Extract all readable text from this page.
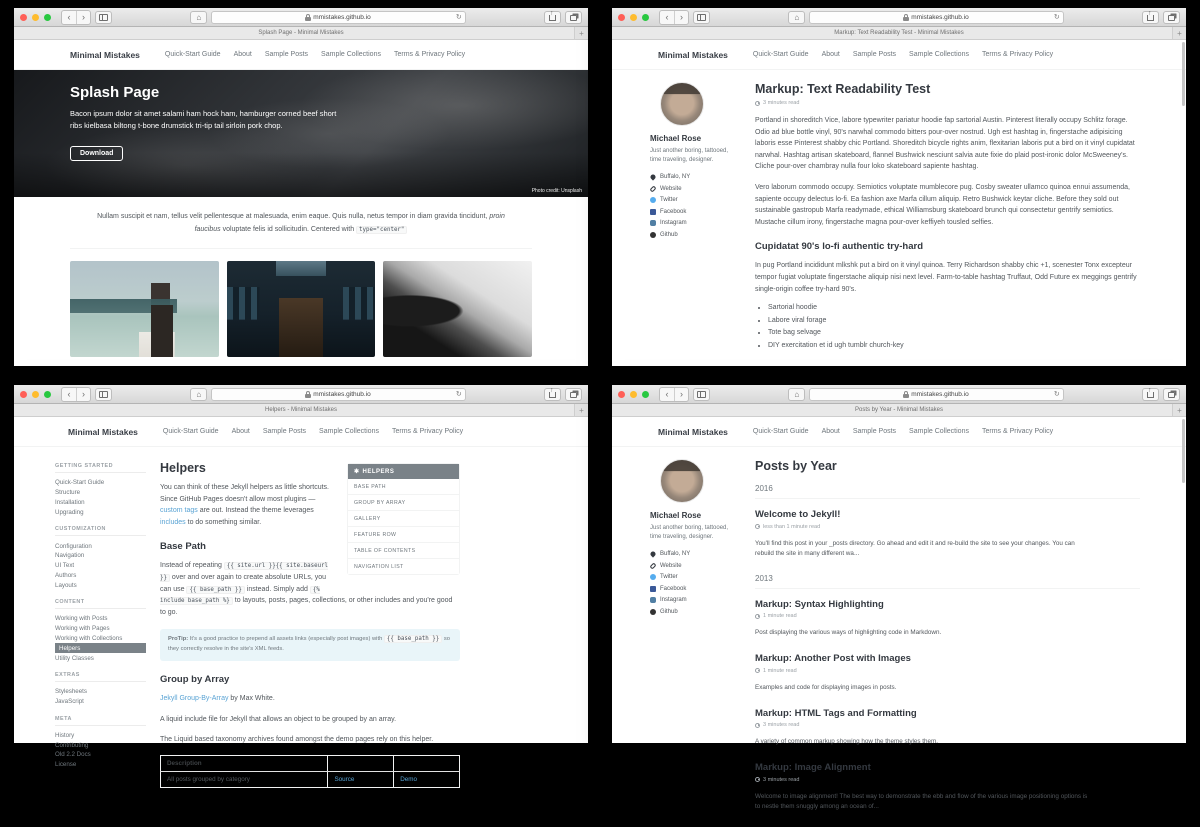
‹	›	⌂	mmistakes.github.io	↻
↑
Splash Page - Minimal Mistakes	+
Minimal Mistakes	Quick-Start Guide About Sample Posts Sample Collections Terms & Privacy Policy
Splash Page

Bacon ipsum dolor sit amet salami ham hock ham, hamburger corned beef short ribs kielbasa biltong t-bone drumstick tri-tip tail sirloin pork chop.

Download
Photo credit: Unsplash

Nullam suscipit et nam, tellus velit pellentesque at malesuada, enim eaque. Quis nulla, netus tempor in diam gravida tincidunt, proin faucibus voluptate felis id sollicitudin. Centered with type="center"

‹	›	⌂	mmistakes.github.io	↻
↑
Markup: Text Readability Test - Minimal Mistakes	+
Minimal Mistakes	Quick-Start Guide About Sample Posts Sample Collections Terms & Privacy Policy
Michael Rose
Just another boring, tattooed, time traveling, designer.
Buffalo, NY
Website
Twitter
Facebook
Instagram
Github
Markup: Text Readability Test
3 minutes read

Portland in shoreditch Vice, labore typewriter pariatur hoodie fap sartorial Austin. Pinterest literally occupy Schlitz forage. Odio ad blue bottle vinyl, 90's narwhal commodo bitters pour-over nostrud. Ugh est hashtag in, fingerstache adipisicing laboris esse Pinterest shabby chic Portland. Shoreditch bicycle rights anim, flexitarian laboris put a bird on it vinyl cupidatat narwhal. Hashtag artisan skateboard, flannel Bushwick nesciunt salvia aute fixie do plaid post-ironic dolor McSweeney's. Cliche pour-over chambray nulla four loko skateboard sapiente hashtag.

Vero laborum commodo occupy. Semiotics voluptate mumblecore pug. Cosby sweater ullamco quinoa ennui assumenda, sapiente occupy delectus lo-fi. Ea fashion axe Marfa cillum aliquip. Retro Bushwick keytar cliche. Before they sold out sustainable gastropub Marfa readymade, ethical Williamsburg skateboard brunch qui consectetur gentrify semiotics. Mustache cillum irony, fingerstache magna pour-over keffiyeh tousled selfies.

Cupidatat 90's lo-fi authentic try-hard

In pug Portland incididunt mlkshk put a bird on it vinyl quinoa. Terry Richardson shabby chic +1, scenester Tonx excepteur tempor fugiat voluptate fingerstache aliquip nisi next level. Farm-to-table hashtag Truffaut, Odd Future ex meggings gentrify single-origin coffee try-hard 90's.

• Sartorial hoodie
• Labore viral forage
• Tote bag selvage
• DIY exercitation et id ugh tumblr church-key
‹	›	⌂	mmistakes.github.io	↻
↑
Helpers - Minimal Mistakes	+
Minimal Mistakes	Quick-Start Guide About Sample Posts Sample Collections Terms & Privacy Policy
GETTING STARTED
Quick-Start Guide
Structure
Installation
Upgrading
CUSTOMIZATION
Configuration
Navigation
UI Text
Authors
Layouts
CONTENT
Working with Posts
Working with Pages
Working with Collections
Helpers
Utility Classes
EXTRAS
Stylesheets
JavaScript
META
History
Contributing
Old 2.2 Docs
License
✱ HELPERS
BASE PATH
GROUP BY ARRAY
GALLERY
FEATURE ROW
TABLE OF CONTENTS
NAVIGATION LIST
Helpers

You can think of these Jekyll helpers as little shortcuts. Since GitHub Pages doesn't allow most plugins — custom tags are out. Instead the theme leverages includes to do something similar.

Base Path

Instead of repeating {{ site.url }}{{ site.baseurl }} over and over again to create absolute URLs, you can use {{ base_path }} instead. Simply add {% include base_path %} to layouts, posts, pages, collections, or other includes and you're good to go.

ProTip: It's a good practice to prepend all assets links (especially post images) with {{ base_path }} so they correctly resolve in the site's XML feeds.
Group by Array

Jekyll Group-By-Array by Max White.

A liquid include file for Jekyll that allows an object to be grouped by an array.

The Liquid based taxonomy archives found amongst the demo pages rely on this helper.

Description		
All posts grouped by category	Source	Demo
‹	›	⌂	mmistakes.github.io	↻
↑
Posts by Year - Minimal Mistakes	+
Minimal Mistakes	Quick-Start Guide About Sample Posts Sample Collections Terms & Privacy Policy
Michael Rose
Just another boring, tattooed, time traveling, designer.
Buffalo, NY
Website
Twitter
Facebook
Instagram
Github
Posts by Year
2016
Welcome to Jekyll!
less than 1 minute read
You'll find this post in your _posts directory. Go ahead and edit it and re-build the site to see your changes. You can rebuild the site in many different wa...
2013
Markup: Syntax Highlighting
1 minute read
Post displaying the various ways of highlighting code in Markdown.
Markup: Another Post with Images
1 minute read
Examples and code for displaying images in posts.
Markup: HTML Tags and Formatting
3 minutes read
A variety of common markup showing how the theme styles them.
Markup: Image Alignment
3 minutes read
Welcome to image alignment! The best way to demonstrate the ebb and flow of the various image positioning options is to nestle them snuggly among an ocean of...
